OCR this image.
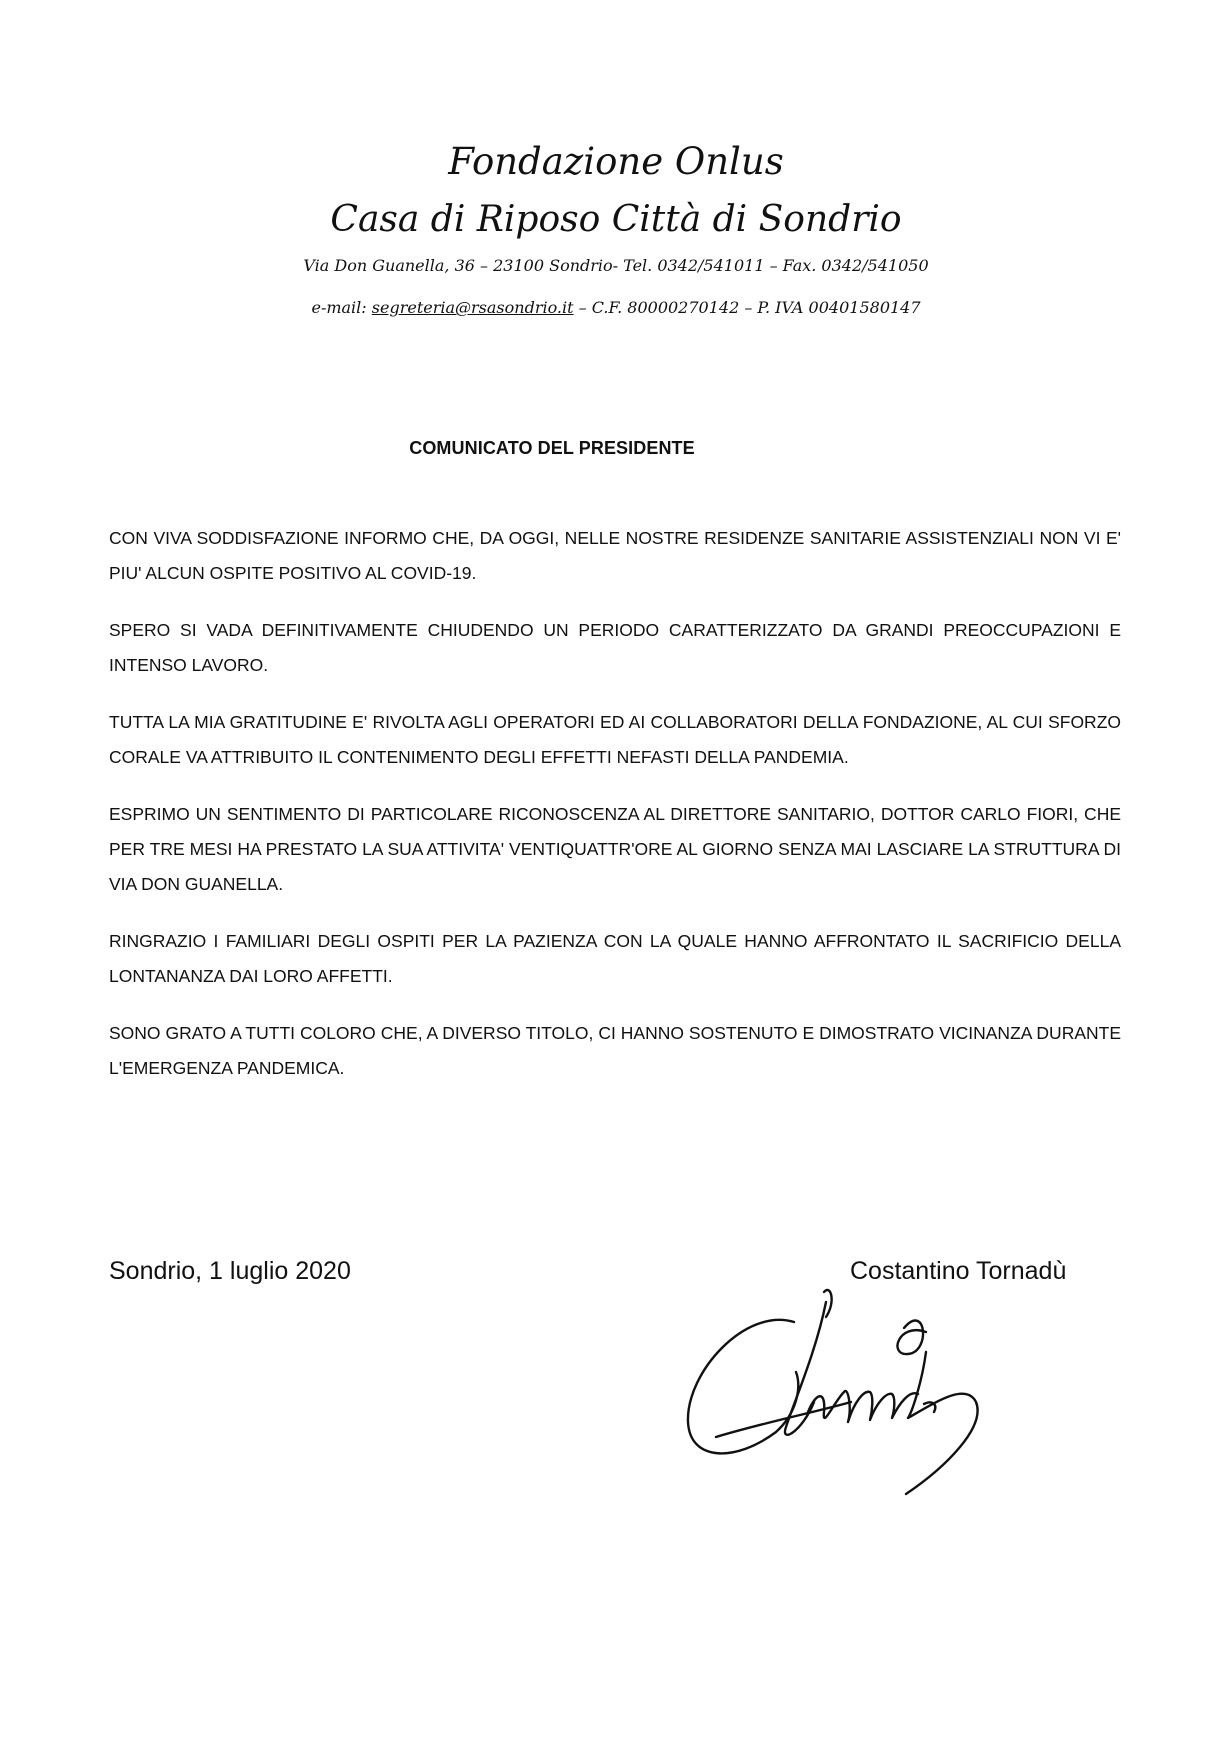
Fondazione Onlus
Casa di Riposo Città di Sondrio
Via Don Guanella, 36 – 23100 Sondrio- Tel. 0342/541011 – Fax. 0342/541050
e-mail: segreteria@rsasondrio.it – C.F. 80000270142 – P. IVA 00401580147
COMUNICATO DEL PRESIDENTE

CON VIVA SODDISFAZIONE INFORMO CHE, DA OGGI, NELLE NOSTRE RESIDENZE SANITARIE ASSISTENZIALI NON VI E' PIU' ALCUN OSPITE POSITIVO AL COVID-19.

SPERO SI VADA DEFINITIVAMENTE CHIUDENDO UN PERIODO CARATTERIZZATO DA GRANDI PREOCCUPAZIONI E INTENSO LAVORO.

TUTTA LA MIA GRATITUDINE E' RIVOLTA AGLI OPERATORI ED AI COLLABORATORI DELLA FONDAZIONE, AL CUI SFORZO CORALE VA ATTRIBUITO IL CONTENIMENTO DEGLI EFFETTI NEFASTI DELLA PANDEMIA.

ESPRIMO UN SENTIMENTO DI PARTICOLARE RICONOSCENZA AL DIRETTORE SANITARIO, DOTTOR CARLO FIORI, CHE PER TRE MESI HA PRESTATO LA SUA ATTIVITA' VENTIQUATTR'ORE AL GIORNO SENZA MAI LASCIARE LA STRUTTURA DI VIA DON GUANELLA.

RINGRAZIO I FAMILIARI DEGLI OSPITI PER LA PAZIENZA CON LA QUALE HANNO AFFRONTATO IL SACRIFICIO DELLA LONTANANZA DAI LORO AFFETTI.

SONO GRATO A TUTTI COLORO CHE, A DIVERSO TITOLO, CI HANNO SOSTENUTO E DIMOSTRATO VICINANZA DURANTE L'EMERGENZA PANDEMICA.

Sondrio, 1 luglio 2020	Costantino Tornadù
